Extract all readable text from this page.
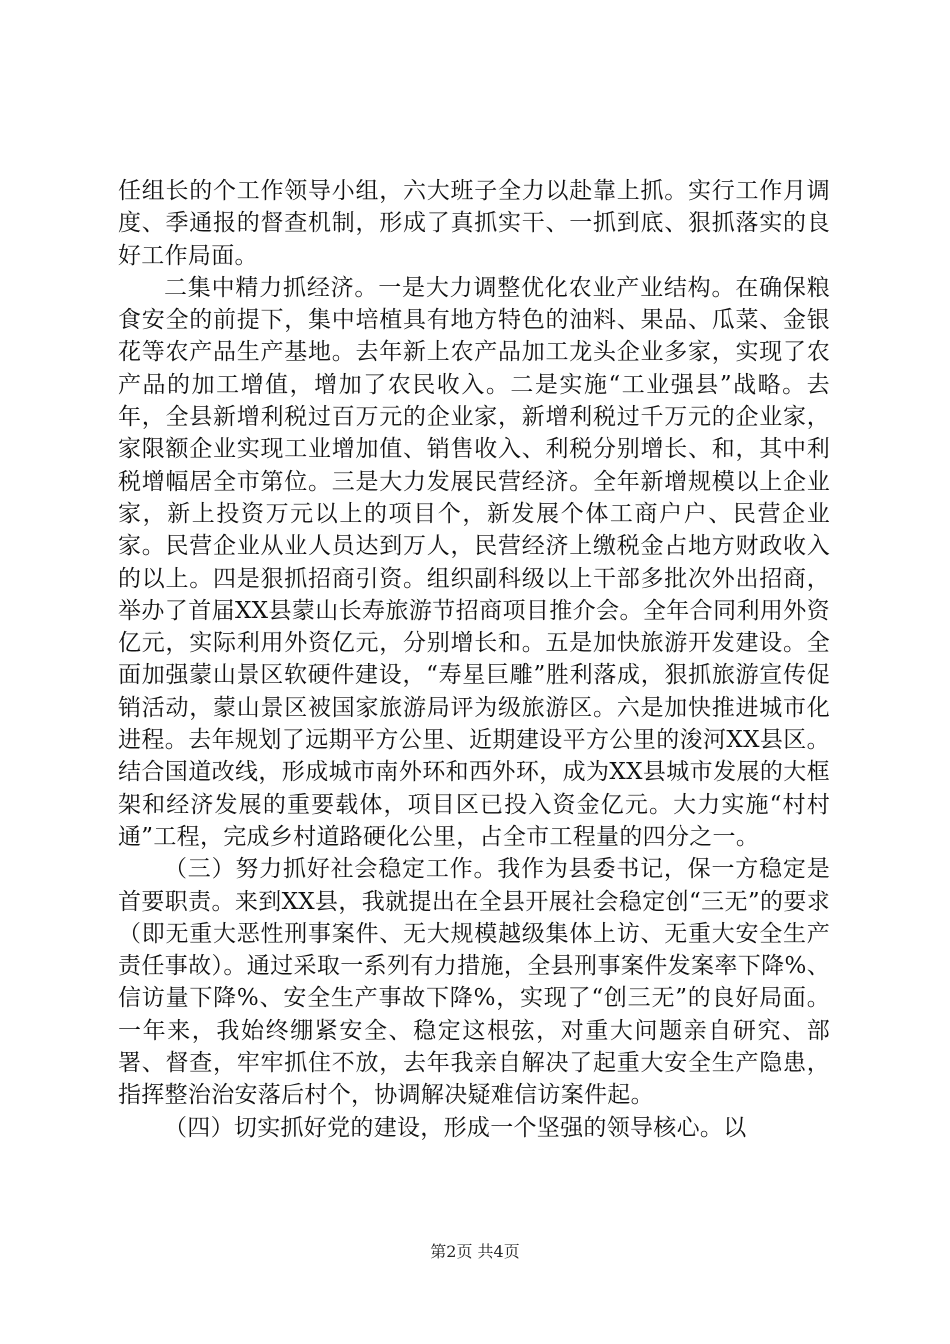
任组长的个工作领导小组，六大班子全力以赴靠上抓。实行工作月调度、季通报的督查机制，形成了真抓实干、一抓到底、狠抓落实的良好工作局面。

二集中精力抓经济。一是大力调整优化农业产业结构。在确保粮食安全的前提下，集中培植具有地方特色的油料、果品、瓜菜、金银花等农产品生产基地。去年新上农产品加工龙头企业多家，实现了农产品的加工增值，增加了农民收入。二是实施“工业强县”战略。去年，全县新增利税过百万元的企业家，新增利税过千万元的企业家，家限额企业实现工业增加值、销售收入、利税分别增长、和，其中利税增幅居全市第位。三是大力发展民营经济。全年新增规模以上企业家，新上投资万元以上的项目个，新发展个体工商户户、民营企业家。民营企业从业人员达到万人，民营经济上缴税金占地方财政收入的以上。四是狠抓招商引资。组织副科级以上干部多批次外出招商，举办了首届XX县蒙山长寿旅游节招商项目推介会。全年合同利用外资亿元，实际利用外资亿元，分别增长和。五是加快旅游开发建设。全面加强蒙山景区软硬件建设，“寿星巨雕”胜利落成，狠抓旅游宣传促销活动，蒙山景区被国家旅游局评为级旅游区。六是加快推进城市化进程。去年规划了远期平方公里、近期建设平方公里的浚河XX县区。结合国道改线，形成城市南外环和西外环，成为XX县城市发展的大框架和经济发展的重要载体，项目区已投入资金亿元。大力实施“村村通”工程，完成乡村道路硬化公里，占全市工程量的四分之一。

（三）努力抓好社会稳定工作。我作为县委书记，保一方稳定是首要职责。来到XX县，我就提出在全县开展社会稳定创“三无”的要求（即无重大恶性刑事案件、无大规模越级集体上访、无重大安全生产责任事故）。通过采取一系列有力措施，全县刑事案件发案率下降%、信访量下降%、安全生产事故下降%，实现了“创三无”的良好局面。一年来，我始终绷紧安全、稳定这根弦，对重大问题亲自研究、部署、督查，牢牢抓住不放，去年我亲自解决了起重大安全生产隐患，指挥整治治安落后村个，协调解决疑难信访案件起。

（四）切实抓好党的建设，形成一个坚强的领导核心。以

第2页 共4页
